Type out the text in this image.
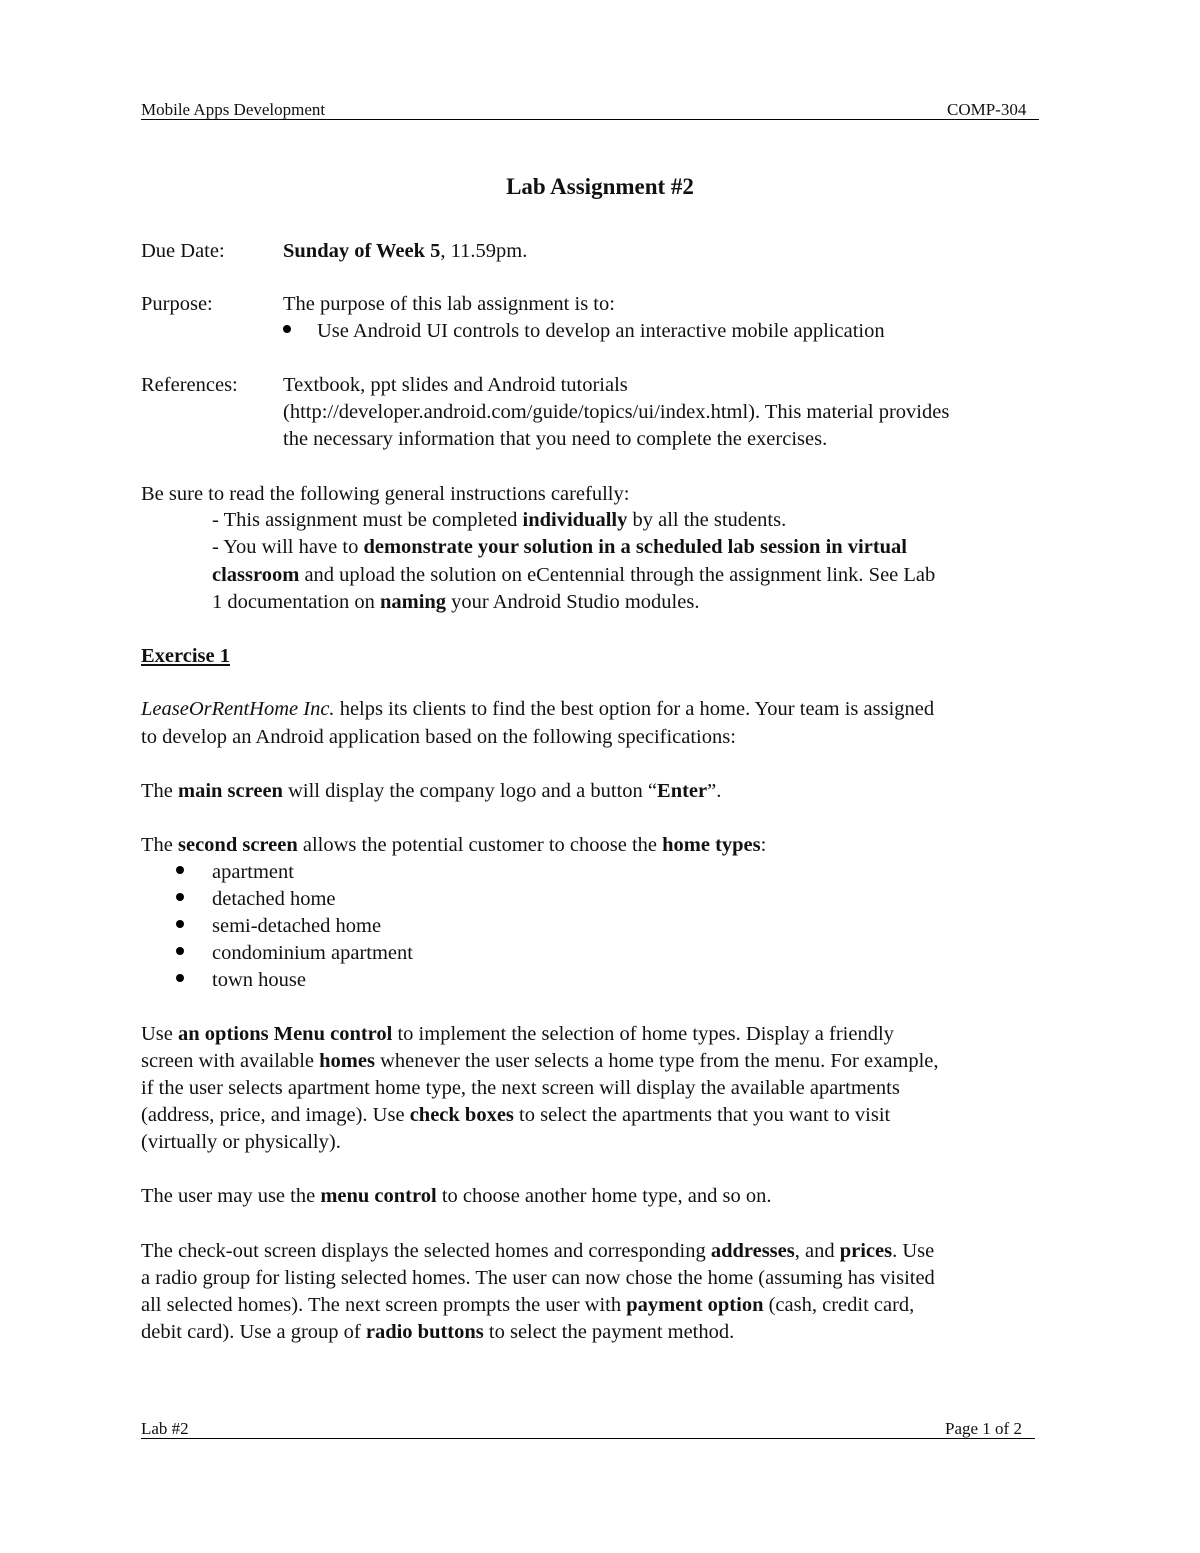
Mobile Apps Development	COMP-304
Lab Assignment #2
Due Date:	Sunday of Week 5, 11.59pm.
Purpose:	The purpose of this lab assignment is to:
Use Android UI controls to develop an interactive mobile application
References: Textbook, ppt slides and Android tutorials
(http://developer.android.com/guide/topics/ui/index.html). This material provides
the necessary information that you need to complete the exercises.
Be sure to read the following general instructions carefully:
- This assignment must be completed individually by all the students.
- You will have to demonstrate your solution in a scheduled lab session in virtual
classroom and upload the solution on eCentennial through the assignment link. See Lab
1 documentation on naming your Android Studio modules.
Exercise 1
LeaseOrRentHome Inc. helps its clients to find the best option for a home. Your team is assigned
to develop an Android application based on the following specifications:
The main screen will display the company logo and a button “Enter”.
The second screen allows the potential customer to choose the home types:
apartment
detached home
semi-detached home
condominium apartment
town house
Use an options Menu control to implement the selection of home types. Display a friendly
screen with available homes whenever the user selects a home type from the menu. For example,
if the user selects apartment home type, the next screen will display the available apartments
(address, price, and image). Use check boxes to select the apartments that you want to visit
(virtually or physically).
The user may use the menu control to choose another home type, and so on.
The check-out screen displays the selected homes and corresponding addresses, and prices. Use
a radio group for listing selected homes. The user can now chose the home (assuming has visited
all selected homes). The next screen prompts the user with payment option (cash, credit card,
debit card). Use a group of radio buttons to select the payment method.
Lab #2	Page 1 of 2
